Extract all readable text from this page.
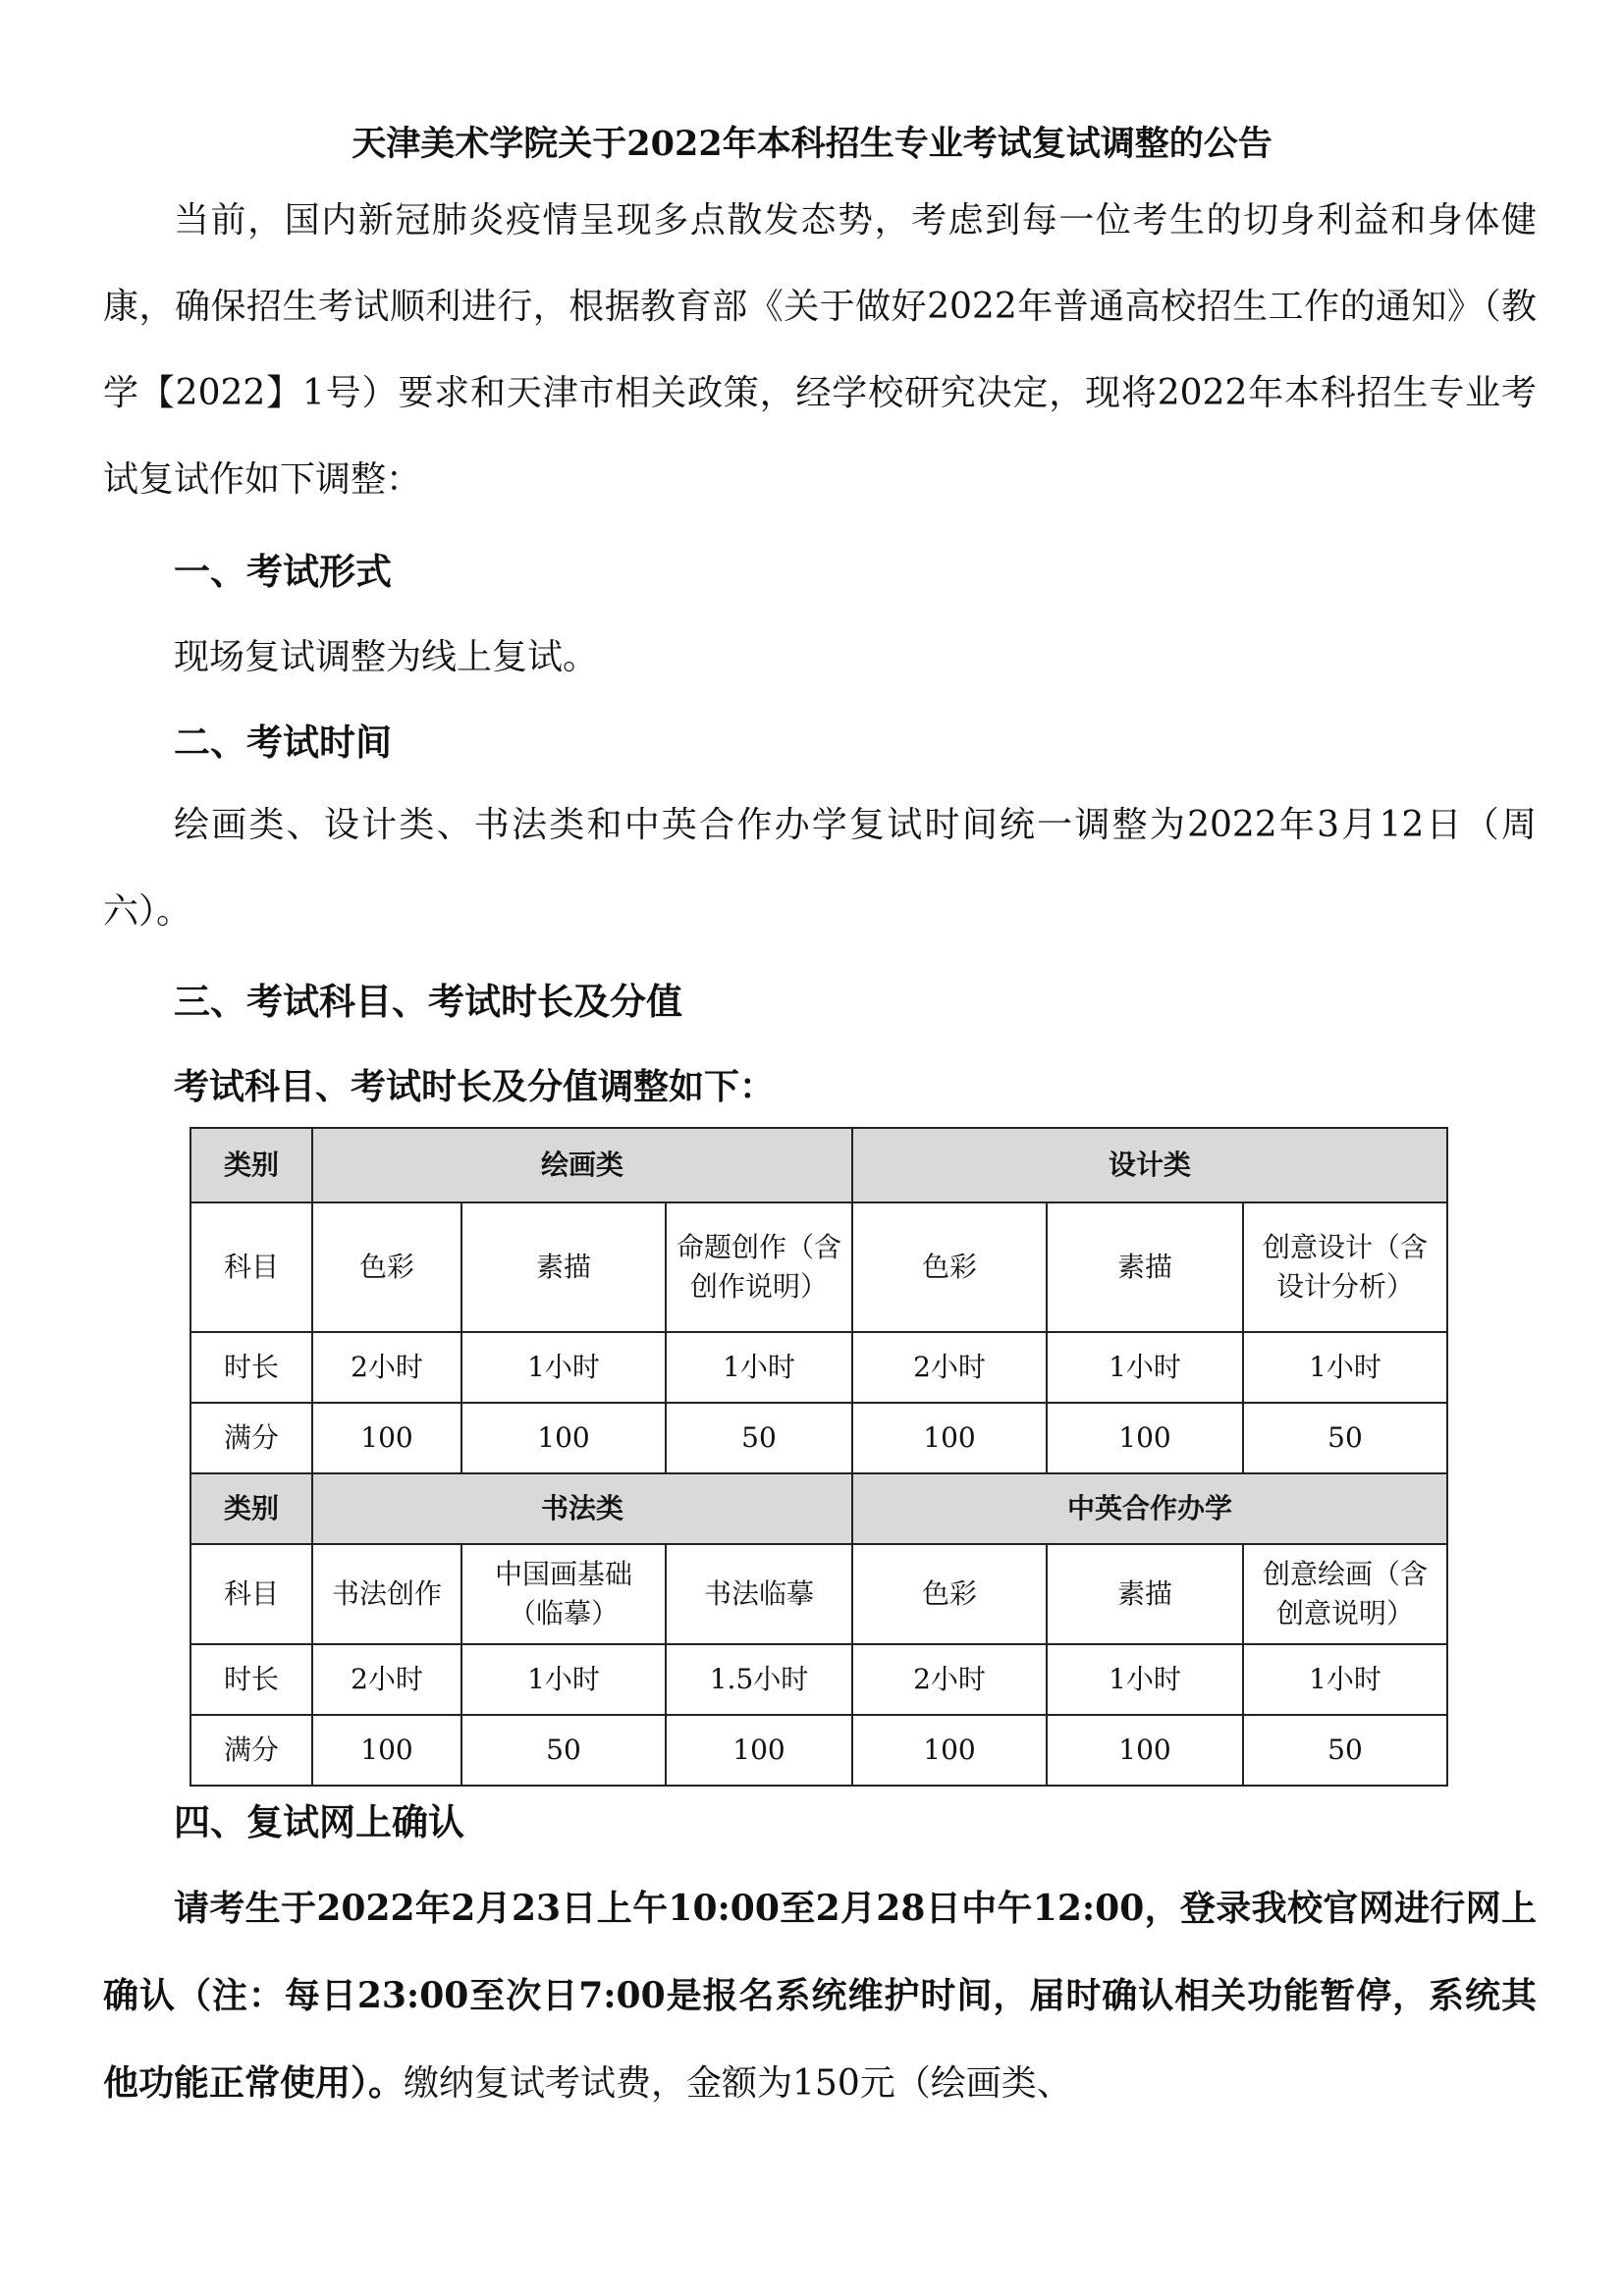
天津美术学院关于2022年本科招生专业考试复试调整的公告

当前，国内新冠肺炎疫情呈现多点散发态势，考虑到每一位考生的切身利益和身体健康，确保招生考试顺利进行，根据教育部《关于做好2022年普通高校招生工作的通知》（教学【2022】1号）要求和天津市相关政策，经学校研究决定，现将2022年本科招生专业考试复试作如下调整：

一、考试形式
现场复试调整为线上复试。
二、考试时间

绘画类、设计类、书法类和中英合作办学复试时间统一调整为2022年3月12日（周六）。

三、考试科目、考试时长及分值
考试科目、考试时长及分值调整如下：
类别	绘画类			设计类		
科目	色彩	素描	命题创作（含创作说明）	色彩	素描	创意设计（含设计分析）
时长	2小时	1小时	1小时	2小时	1小时	1小时
满分	100	100	50	100	100	50
类别	书法类			中英合作办学		
科目	书法创作	中国画基础（临摹）	书法临摹	色彩	素描	创意绘画（含创意说明）
时长	2小时	1小时	1.5小时	2小时	1小时	1小时
满分	100	50	100	100	100	50
四、复试网上确认

请考生于2022年2月23日上午10:00至2月28日中午12:00，登录我校官网进行网上确认（注：每日23:00至次日7:00是报名系统维护时间，届时确认相关功能暂停，系统其他功能正常使用）。缴纳复试考试费，金额为150元（绘画类、
